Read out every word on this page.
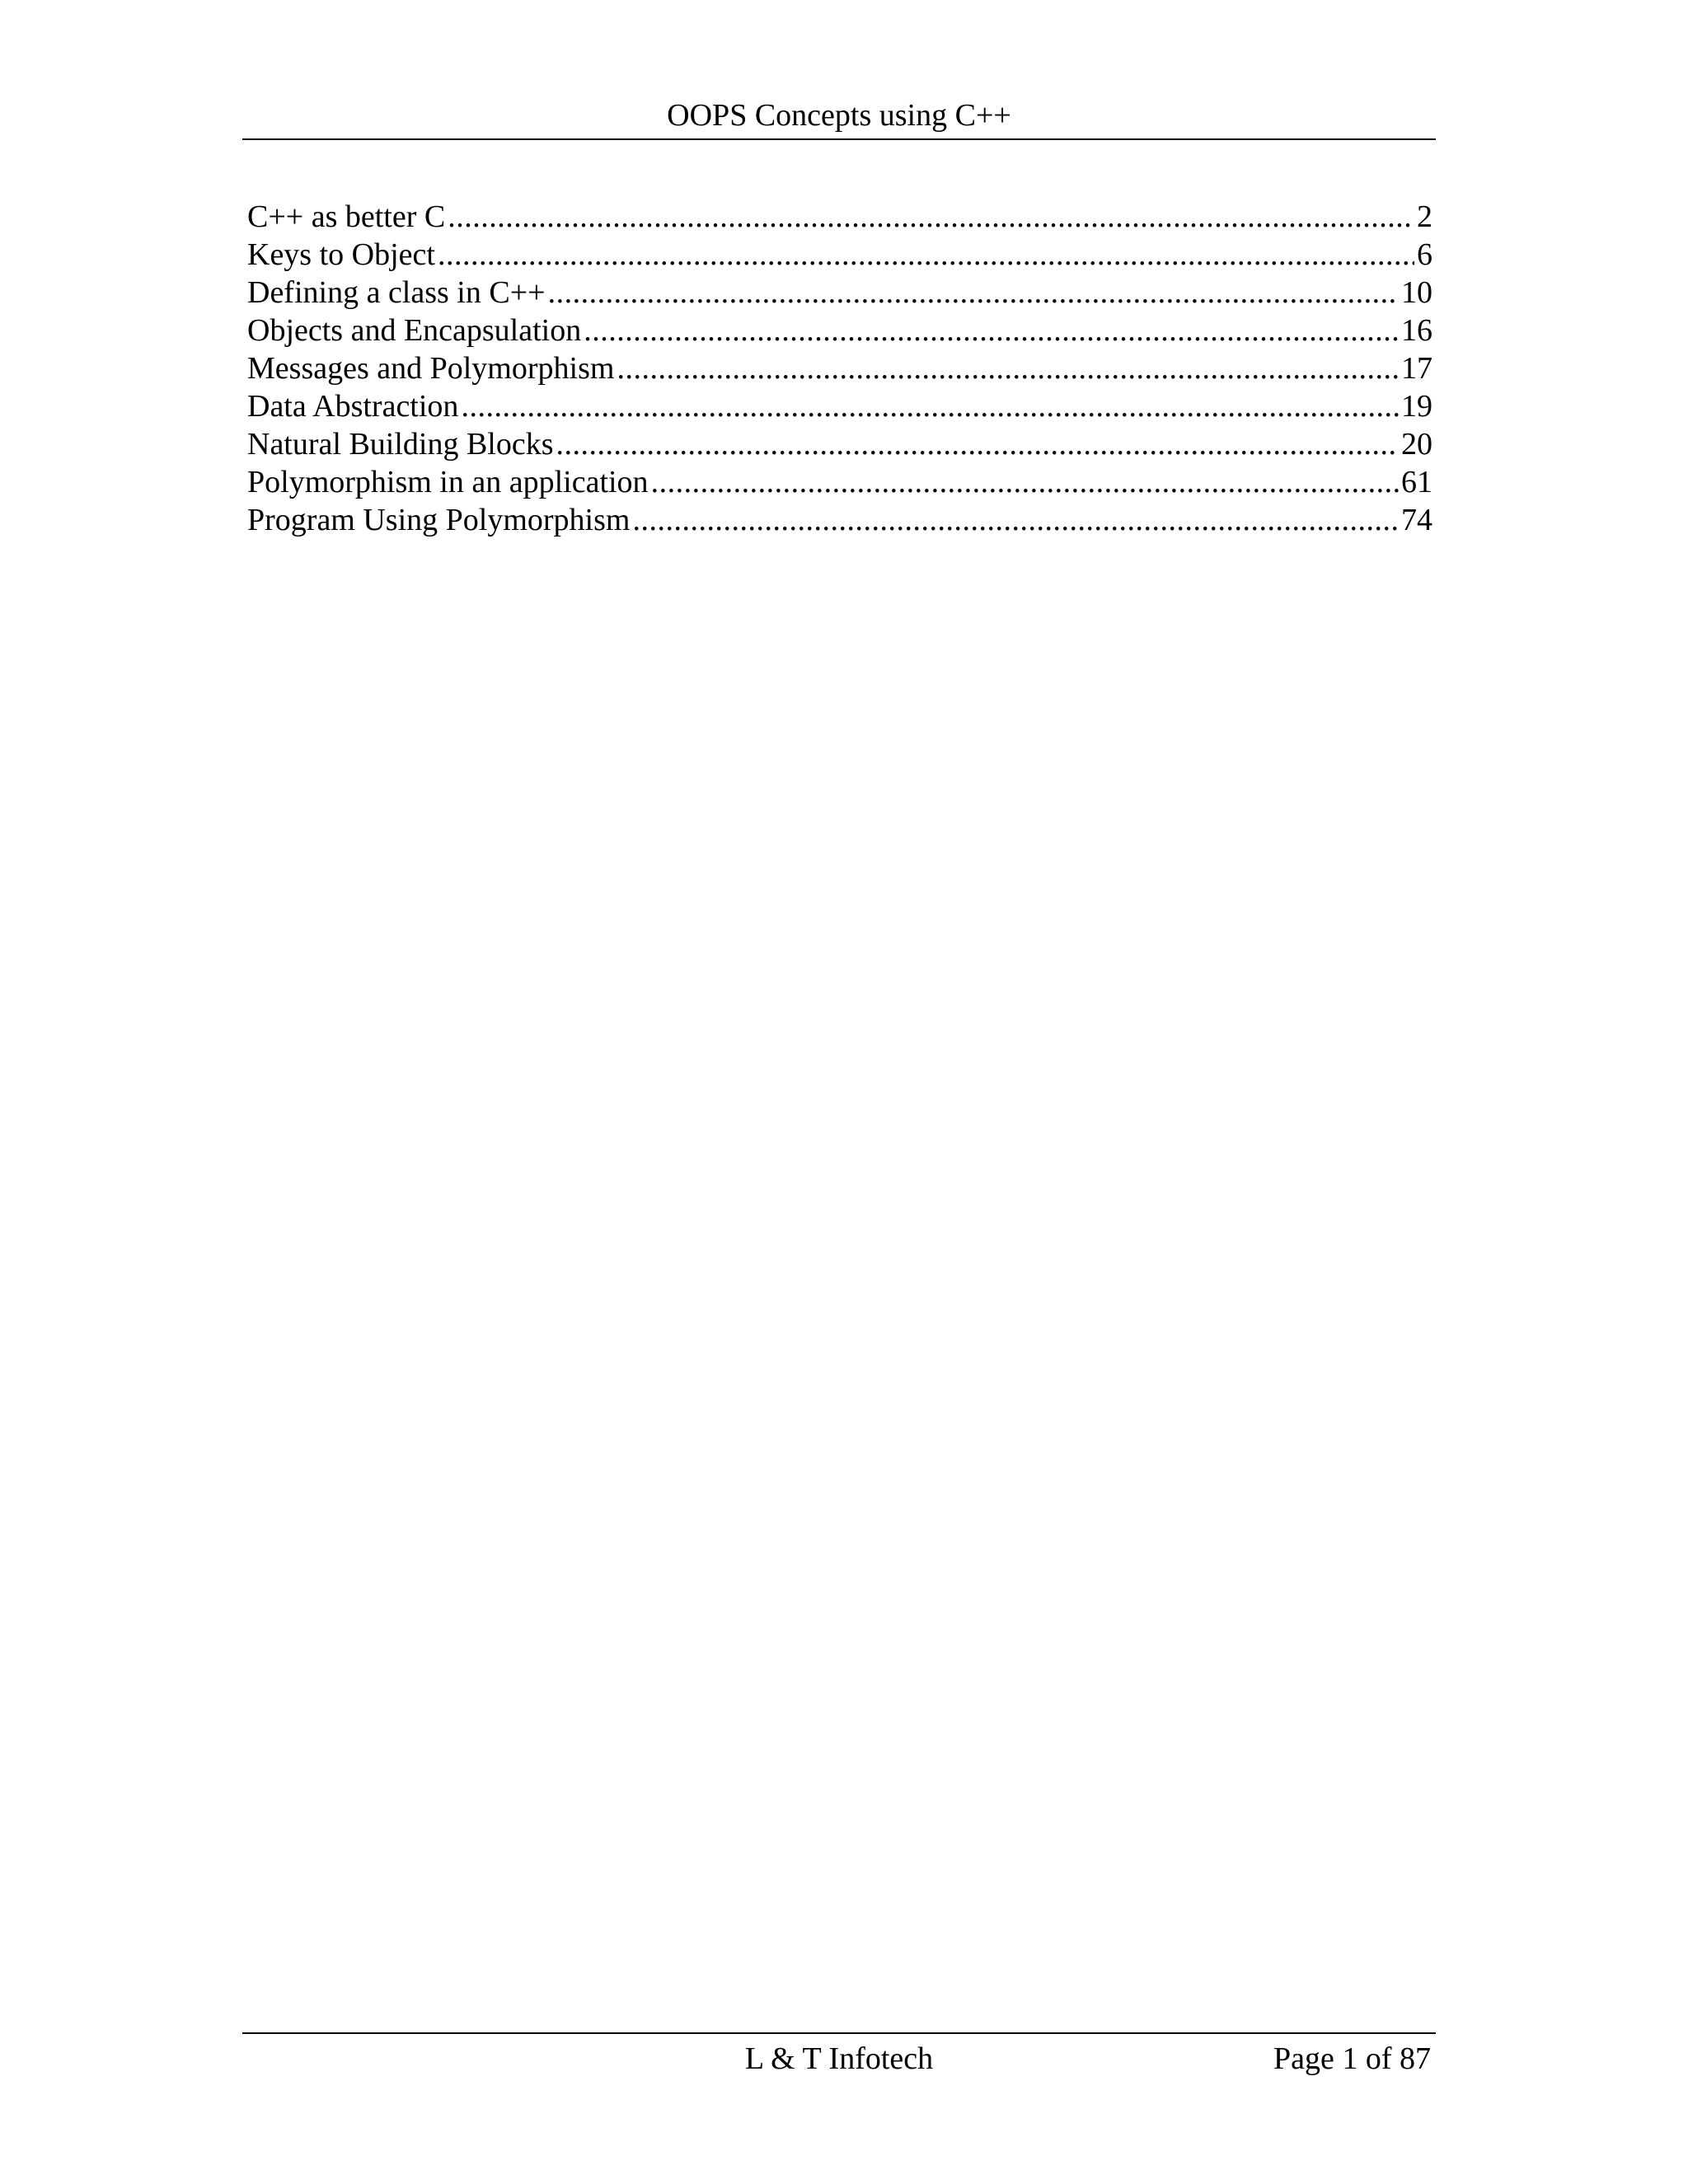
OOPS Concepts using C++
C++ as better C .....	2
Keys to Object .....	6
Defining a class in C++ .....	10
Objects and Encapsulation .....	16
Messages and Polymorphism .....	17
Data Abstraction .....	19
Natural Building Blocks .....	20
Polymorphism in an application .....	61
Program Using Polymorphism .....	74
L & T Infotech	Page 1 of 87
